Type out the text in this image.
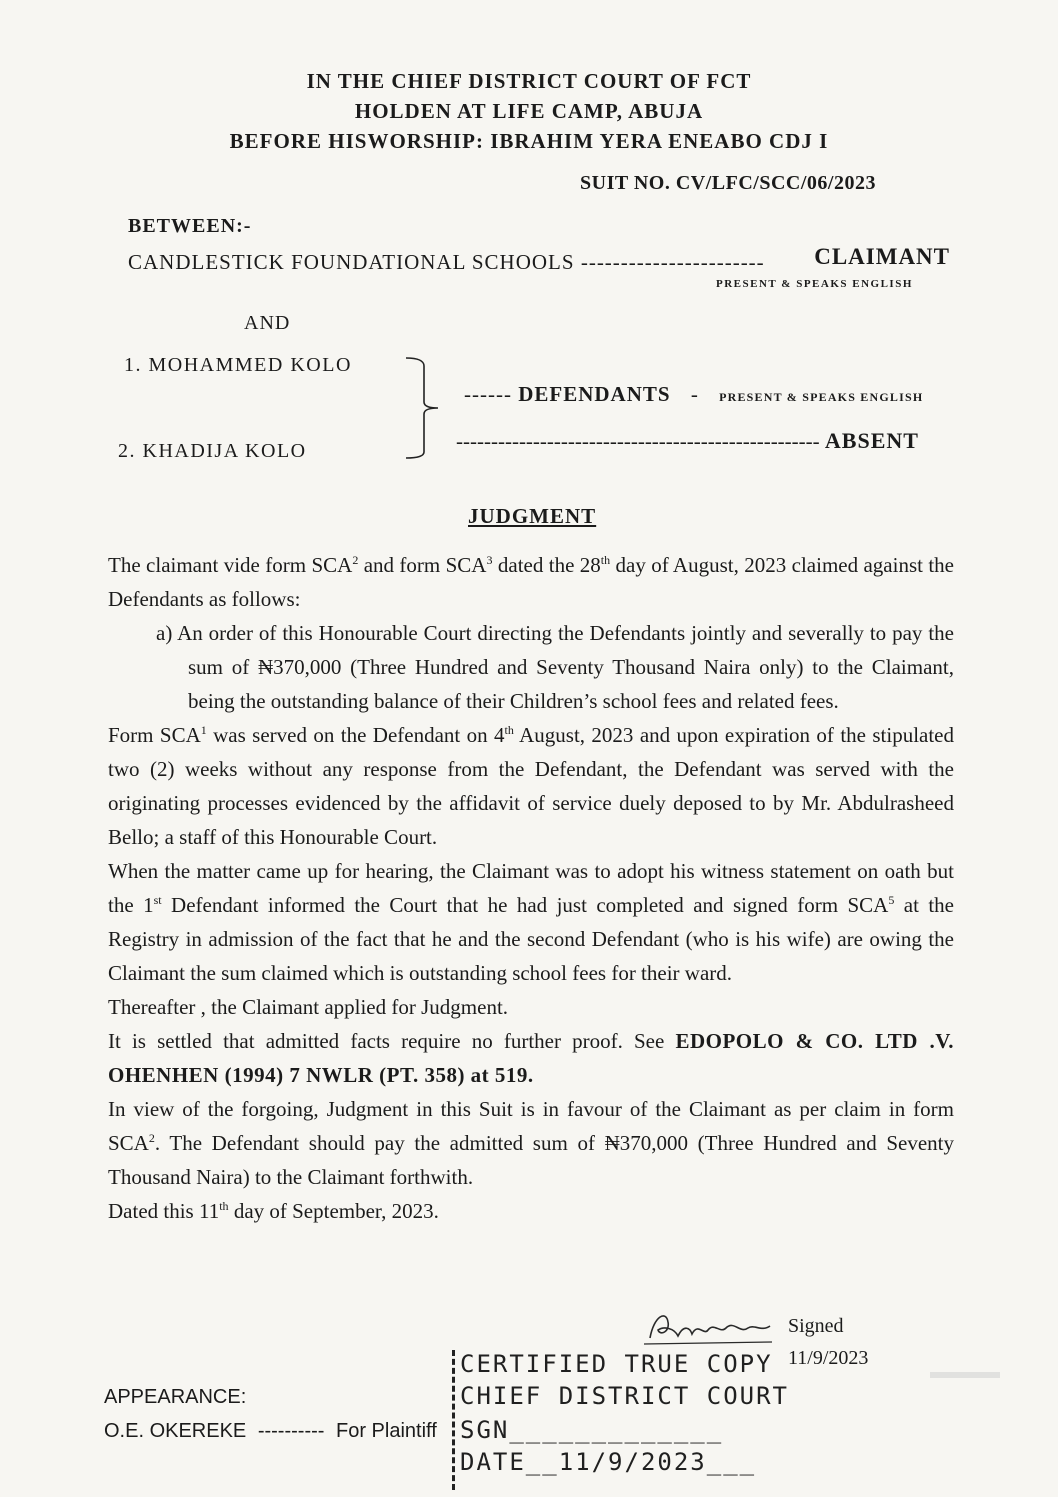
IN THE CHIEF DISTRICT COURT OF FCT
HOLDEN AT LIFE CAMP, ABUJA
BEFORE HISWORSHIP: IBRAHIM YERA ENEABO CDJ I
SUIT NO. CV/LFC/SCC/06/2023
BETWEEN:-
CANDLESTICK FOUNDATIONAL SCHOOLS ----------------------- CLAIMANT
PRESENT & SPEAKS ENGLISH
AND
1. MOHAMMED KOLO
2. KHADIJA KOLO
------ DEFENDANTS - PRESENT & SPEAKS ENGLISH
---------------------------------------------------- ABSENT
JUDGMENT

The claimant vide form SCA$^2$ and form SCA$^3$ dated the 28th day of August, 2023 claimed against the Defendants as follows:

a) An order of this Honourable Court directing the Defendants jointly and severally to pay the sum of ₦370,000 (Three Hundred and Seventy Thousand Naira only) to the Claimant, being the outstanding balance of their Children’s school fees and related fees.

Form SCA$^1$ was served on the Defendant on 4th August, 2023 and upon expiration of the stipulated two (2) weeks without any response from the Defendant, the Defendant was served with the originating processes evidenced by the affidavit of service duely deposed to by Mr. Abdulrasheed Bello; a staff of this Honourable Court.

When the matter came up for hearing, the Claimant was to adopt his witness statement on oath but the 1st Defendant informed the Court that he had just completed and signed form SCA$^5$ at the Registry in admission of the fact that he and the second Defendant (who is his wife) are owing the Claimant the sum claimed which is outstanding school fees for their ward.

Thereafter , the Claimant applied for Judgment.

It is settled that admitted facts require no further proof. See EDOPOLO & CO. LTD .V. OHENHEN (1994) 7 NWLR (PT. 358) at 519.

In view of the forgoing, Judgment in this Suit is in favour of the Claimant as per claim in form SCA$^2$. The Defendant should pay the admitted sum of ₦370,000 (Three Hundred and Seventy Thousand Naira) to the Claimant forthwith.

Dated this 11th day of September, 2023.

Signed
11/9/2023
CERTIFIED TRUE COPY
CHIEF DISTRICT COURT
SGN_____________
DATE__11/9/2023___
APPEARANCE:
O.E. OKEREKE ---------- For Plaintiff
